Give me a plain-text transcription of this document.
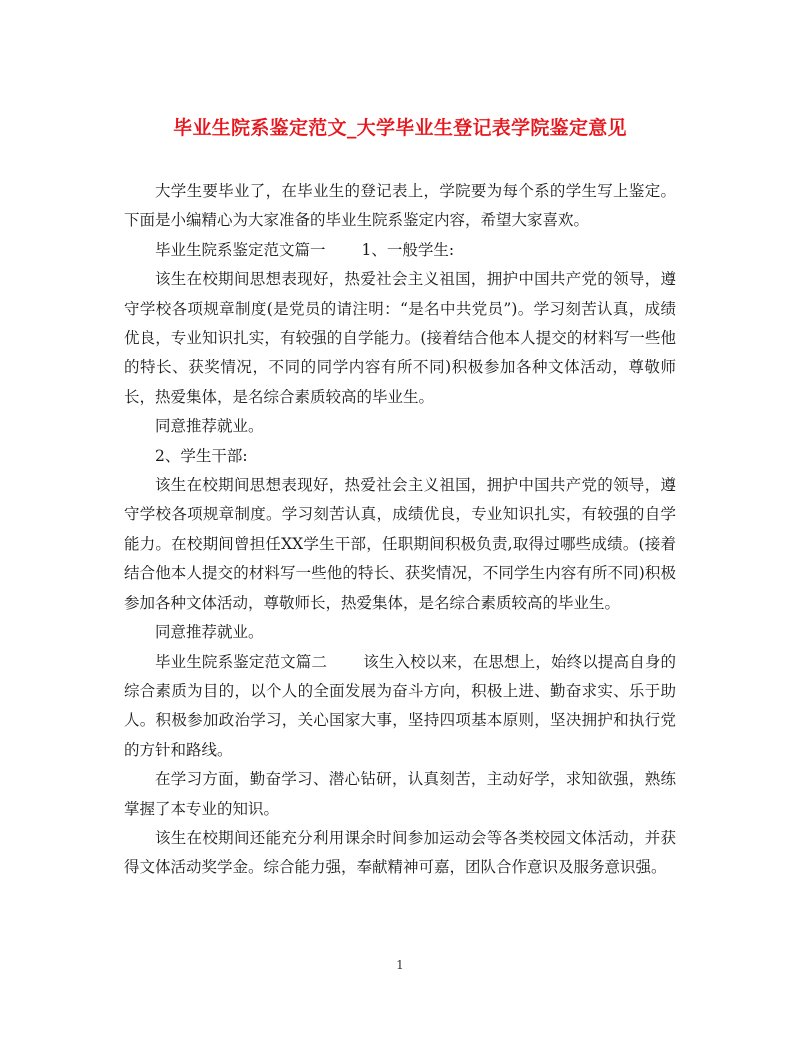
毕业生院系鉴定范文_大学毕业生登记表学院鉴定意见

大学生要毕业了，在毕业生的登记表上，学院要为每个系的学生写上鉴定。下面是小编精心为大家准备的毕业生院系鉴定内容，希望大家喜欢。

毕业生院系鉴定范文篇一 1、一般学生:

该生在校期间思想表现好，热爱社会主义祖国，拥护中国共产党的领导，遵守学校各项规章制度(是党员的请注明：“是名中共党员”)。学习刻苦认真，成绩优良，专业知识扎实，有较强的自学能力。(接着结合他本人提交的材料写一些他的特长、获奖情况，不同的同学内容有所不同)积极参加各种文体活动，尊敬师长，热爱集体，是名综合素质较高的毕业生。

同意推荐就业。

2、学生干部:

该生在校期间思想表现好，热爱社会主义祖国，拥护中国共产党的领导，遵守学校各项规章制度。学习刻苦认真，成绩优良，专业知识扎实，有较强的自学能力。在校期间曾担任XX学生干部，任职期间积极负责,取得过哪些成绩。(接着结合他本人提交的材料写一些他的特长、获奖情况，不同学生内容有所不同)积极参加各种文体活动，尊敬师长，热爱集体，是名综合素质较高的毕业生。

同意推荐就业。

毕业生院系鉴定范文篇二 该生入校以来，在思想上，始终以提高自身的综合素质为目的，以个人的全面发展为奋斗方向，积极上进、勤奋求实、乐于助人。积极参加政治学习，关心国家大事，坚持四项基本原则，坚决拥护和执行党的方针和路线。

在学习方面，勤奋学习、潜心钻研，认真刻苦，主动好学，求知欲强，熟练掌握了本专业的知识。

该生在校期间还能充分利用课余时间参加运动会等各类校园文体活动，并获得文体活动奖学金。综合能力强，奉献精神可嘉，团队合作意识及服务意识强。

1
